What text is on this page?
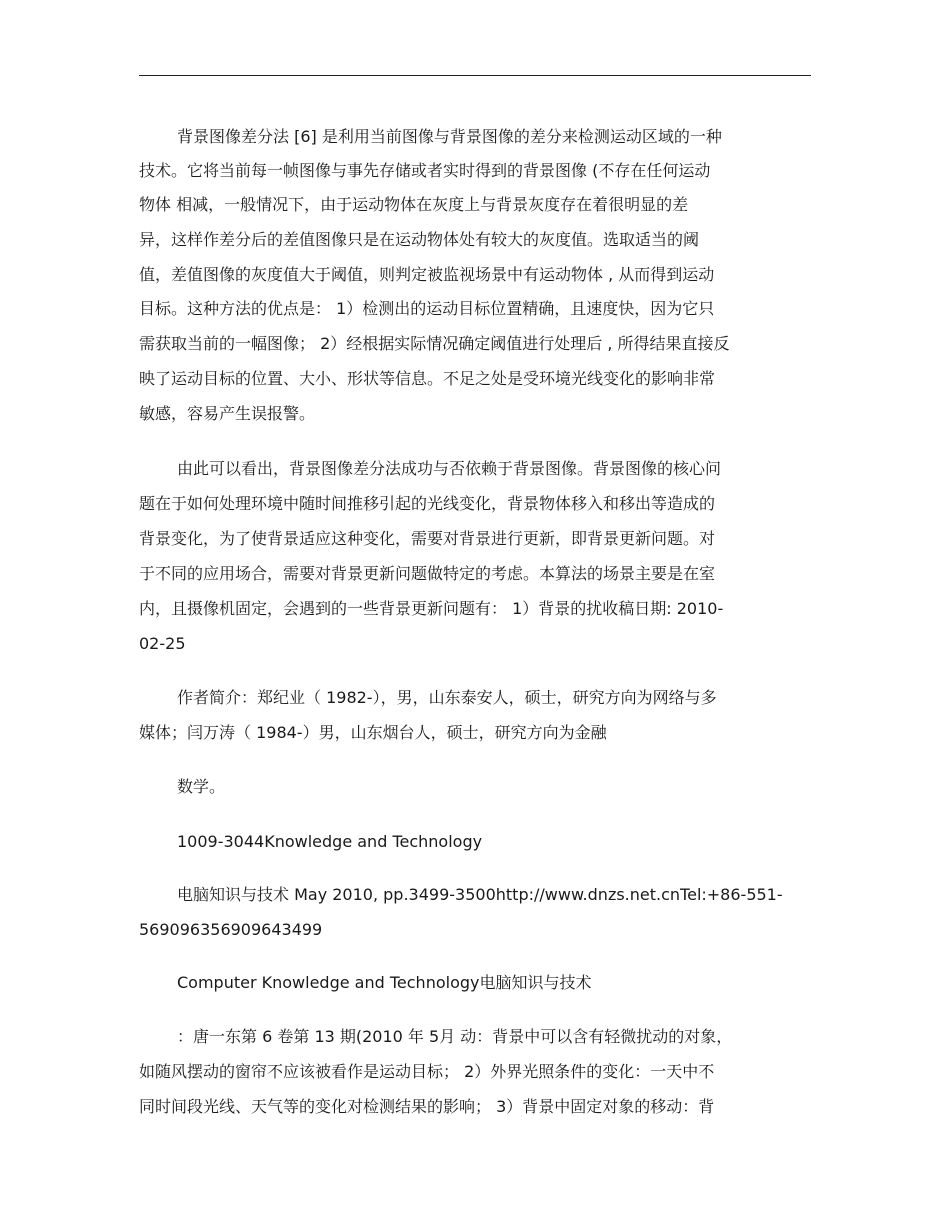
背景图像差分法 [6] 是利用当前图像与背景图像的差分来检测运动区域的一种
技术。它将当前每一帧图像与事先存储或者实时得到的背景图像 (不存在任何运动
物体 相减，一般情况下，由于运动物体在灰度上与背景灰度存在着很明显的差
异，这样作差分后的差值图像只是在运动物体处有较大的灰度值。选取适当的阈
值，差值图像的灰度值大于阈值，则判定被监视场景中有运动物体 , 从而得到运动
目标。这种方法的优点是： 1）检测出的运动目标位置精确，且速度快，因为它只
需获取当前的一幅图像； 2）经根据实际情况确定阈值进行处理后 , 所得结果直接反
映了运动目标的位置、大小、形状等信息。不足之处是受环境光线变化的影响非常
敏感，容易产生误报警。
由此可以看出，背景图像差分法成功与否依赖于背景图像。背景图像的核心问
题在于如何处理环境中随时间推移引起的光线变化，背景物体移入和移出等造成的
背景变化，为了使背景适应这种变化，需要对背景进行更新，即背景更新问题。对
于不同的应用场合，需要对背景更新问题做特定的考虑。本算法的场景主要是在室
内，且摄像机固定，会遇到的一些背景更新问题有： 1）背景的扰收稿日期: 2010-
02-25
作者简介：郑纪业（ 1982-），男，山东泰安人，硕士，研究方向为网络与多
媒体；闫万涛（ 1984-）男，山东烟台人，硕士，研究方向为金融
数学。
1009-3044Knowledge and Technology
电脑知识与技术 May 2010, pp.3499-3500http://www.dnzs.net.cnTel:+86-551-
56909635690964349​9
Computer Knowledge and Technology电脑知识与技术
：唐一东第 6 卷第 13 期(2010 年 5月 动：背景中可以含有轻微扰动的对象，
如随风摆动的窗帘不应该被看作是运动目标； 2）外界光照条件的变化：一天中不
同时间段光线、天气等的变化对检测结果的影响； 3）背景中固定对象的移动：背
